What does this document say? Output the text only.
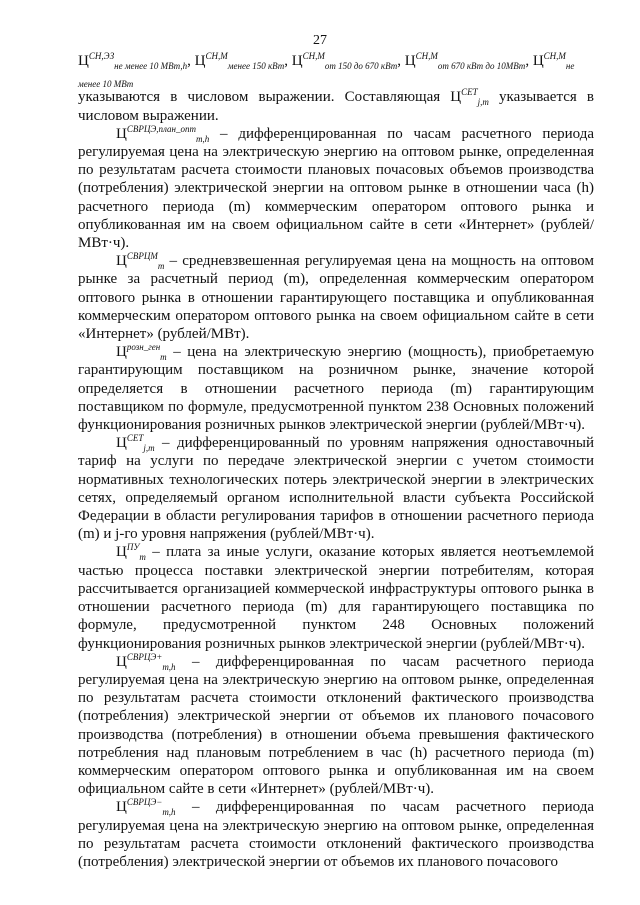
27

$Ц^{СН,ЭЗ}_{не менее 10 МВт,h}$, $Ц^{СН,М}_{менее 150 кВт}$, $Ц^{СН,М}_{от 150 до 670 кВт}$, $Ц^{СН,М}_{от 670 кВт до 10МВт}$, $Ц^{СН,М}_{не менее 10 МВт}$

указываются в числовом выражении. Составляющая $Ц^{СЕТ}_{j,m}$ указывается в числовом выражении.

$Ц^{СВРЦЭ,план\_опт}_{m,h}$ – дифференцированная по часам расчетного периода регулируемая цена на электрическую энергию на оптовом рынке, определенная по результатам расчета стоимости плановых почасовых объемов производства (потребления) электрической энергии на оптовом рынке в отношении часа (h) расчетного периода (m) коммерческим оператором оптового рынка и опубликованная им на своем официальном сайте в сети «Интернет» (рублей/МВт·ч).

$Ц^{СВРЦМ}_m$ – средневзвешенная регулируемая цена на мощность на оптовом рынке за расчетный период (m), определенная коммерческим оператором оптового рынка в отношении гарантирующего поставщика и опубликованная коммерческим оператором оптового рынка на своем официальном сайте в сети «Интернет» (рублей/МВт).

$Ц^{розн\_ген}_m$ – цена на электрическую энергию (мощность), приобретаемую гарантирующим поставщиком на розничном рынке, значение которой определяется в отношении расчетного периода (m) гарантирующим поставщиком по формуле, предусмотренной пунктом 238 Основных положений функционирования розничных рынков электрической энергии (рублей/МВт·ч).

$Ц^{СЕТ}_{j,m}$ – дифференцированный по уровням напряжения одноставочный тариф на услуги по передаче электрической энергии с учетом стоимости нормативных технологических потерь электрической энергии в электрических сетях, определяемый органом исполнительной власти субъекта Российской Федерации в области регулирования тарифов в отношении расчетного периода (m) и j-го уровня напряжения (рублей/МВт·ч).

$Ц^{ПУ}_m$ – плата за иные услуги, оказание которых является неотъемлемой частью процесса поставки электрической энергии потребителям, которая рассчитывается организацией коммерческой инфраструктуры оптового рынка в отношении расчетного периода (m) для гарантирующего поставщика по формуле, предусмотренной пунктом 248 Основных положений функционирования розничных рынков электрической энергии (рублей/МВт·ч).

$Ц^{СВРЦЭ+}_{m,h}$ – дифференцированная по часам расчетного периода регулируемая цена на электрическую энергию на оптовом рынке, определенная по результатам расчета стоимости отклонений фактического производства (потребления) электрической энергии от объемов их планового почасового производства (потребления) в отношении объема превышения фактического потребления над плановым потреблением в час (h) расчетного периода (m) коммерческим оператором оптового рынка и опубликованная им на своем официальном сайте в сети «Интернет» (рублей/МВт·ч).

$Ц^{СВРЦЭ-}_{m,h}$ – дифференцированная по часам расчетного периода регулируемая цена на электрическую энергию на оптовом рынке, определенная по результатам расчета стоимости отклонений фактического производства (потребления) электрической энергии от объемов их планового почасового
